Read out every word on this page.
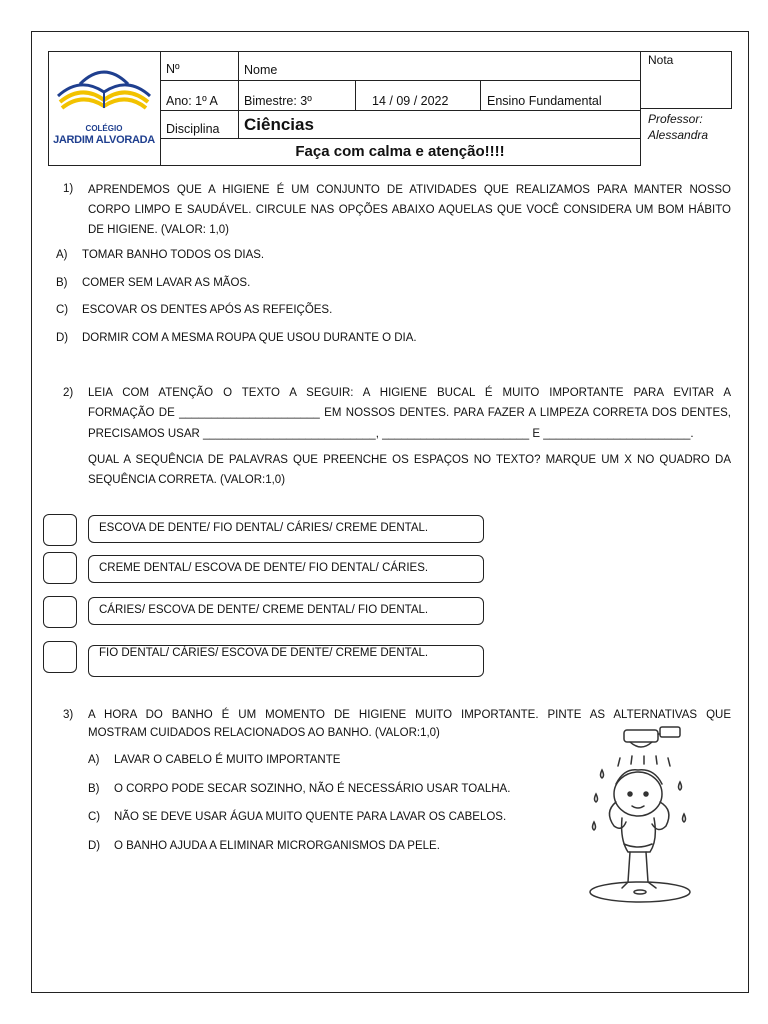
COLÉGIO
JARDIM ALVORADA
Nº	Nome
Nota
Ano: 1º A Bimestre: 3º	14 / 09 / 2022	Ensino Fundamental
Disciplina Ciências	Professor:
Alessandra
Faça com calma e atenção!!!!
1) APRENDEMOS QUE A HIGIENE É UM CONJUNTO DE ATIVIDADES QUE REALIZAMOS PARA MANTER NOSSO
CORPO LIMPO E SAUDÁVEL. CIRCULE NAS OPÇÕES ABAIXO AQUELAS QUE VOCÊ CONSIDERA UM BOM HÁBITO
DE HIGIENE. (VALOR: 1,0)
A) TOMAR BANHO TODOS OS DIAS.
B) COMER SEM LAVAR AS MÃOS.
C) ESCOVAR OS DENTES APÓS AS REFEIÇÕES.
D) DORMIR COM A MESMA ROUPA QUE USOU DURANTE O DIA.
2) LEIA COM ATENÇÃO O TEXTO A SEGUIR: A HIGIENE BUCAL É MUITO IMPORTANTE PARA EVITAR A
FORMAÇÃO DE ______________________ EM NOSSOS DENTES. PARA FAZER A LIMPEZA CORRETA DOS DENTES,
PRECISAMOS USAR ___________________________, _______________________ E _______________________.
QUAL A SEQUÊNCIA DE PALAVRAS QUE PREENCHE OS ESPAÇOS NO TEXTO? MARQUE UM X NO QUADRO DA
SEQUÊNCIA CORRETA. (VALOR:1,0)
ESCOVA DE DENTE/ FIO DENTAL/ CÁRIES/ CREME DENTAL.
CREME DENTAL/ ESCOVA DE DENTE/ FIO DENTAL/ CÁRIES.
CÁRIES/ ESCOVA DE DENTE/ CREME DENTAL/ FIO DENTAL.
FIO DENTAL/ CÁRIES/ ESCOVA DE DENTE/ CREME DENTAL.
3) A HORA DO BANHO É UM MOMENTO DE HIGIENE MUITO IMPORTANTE. PINTE AS ALTERNATIVAS QUE
MOSTRAM CUIDADOS RELACIONADOS AO BANHO. (VALOR:1,0)
A) LAVAR O CABELO É MUITO IMPORTANTE
B) O CORPO PODE SECAR SOZINHO, NÃO É NECESSÁRIO USAR TOALHA.
C) NÃO SE DEVE USAR ÁGUA MUITO QUENTE PARA LAVAR OS CABELOS.
D) O BANHO AJUDA A ELIMINAR MICRORGANISMOS DA PELE.
